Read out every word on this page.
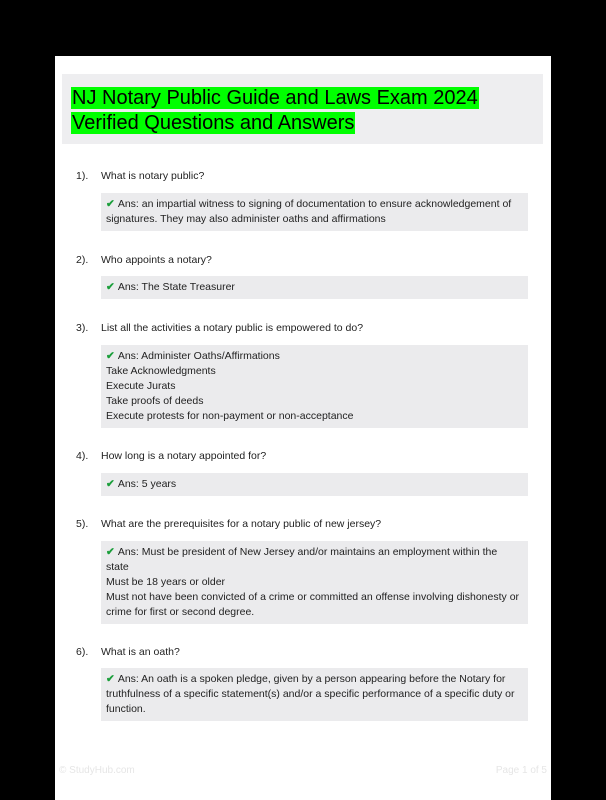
NJ Notary Public Guide and Laws Exam 2024
Verified Questions and Answers
1). What is notary public?
✔ Ans: an impartial witness to signing of documentation to ensure acknowledgement of
signatures. They may also administer oaths and affirmations
2). Who appoints a notary?
✔ Ans: The State Treasurer
3). List all the activities a notary public is empowered to do?
✔ Ans: Administer Oaths/Affirmations
Take Acknowledgments
Execute Jurats
Take proofs of deeds
Execute protests for non-payment or non-acceptance
4). How long is a notary appointed for?
✔ Ans: 5 years
5). What are the prerequisites for a notary public of new jersey?
✔ Ans: Must be president of New Jersey and/or maintains an employment within the
state
Must be 18 years or older
Must not have been convicted of a crime or committed an offense involving dishonesty or
crime for first or second degree.
6). What is an oath?
✔ Ans: An oath is a spoken pledge, given by a person appearing before the Notary for
truthfulness of a specific statement(s) and/or a specific performance of a specific duty or
function.
© StudyHub.com	Page 1 of 5
